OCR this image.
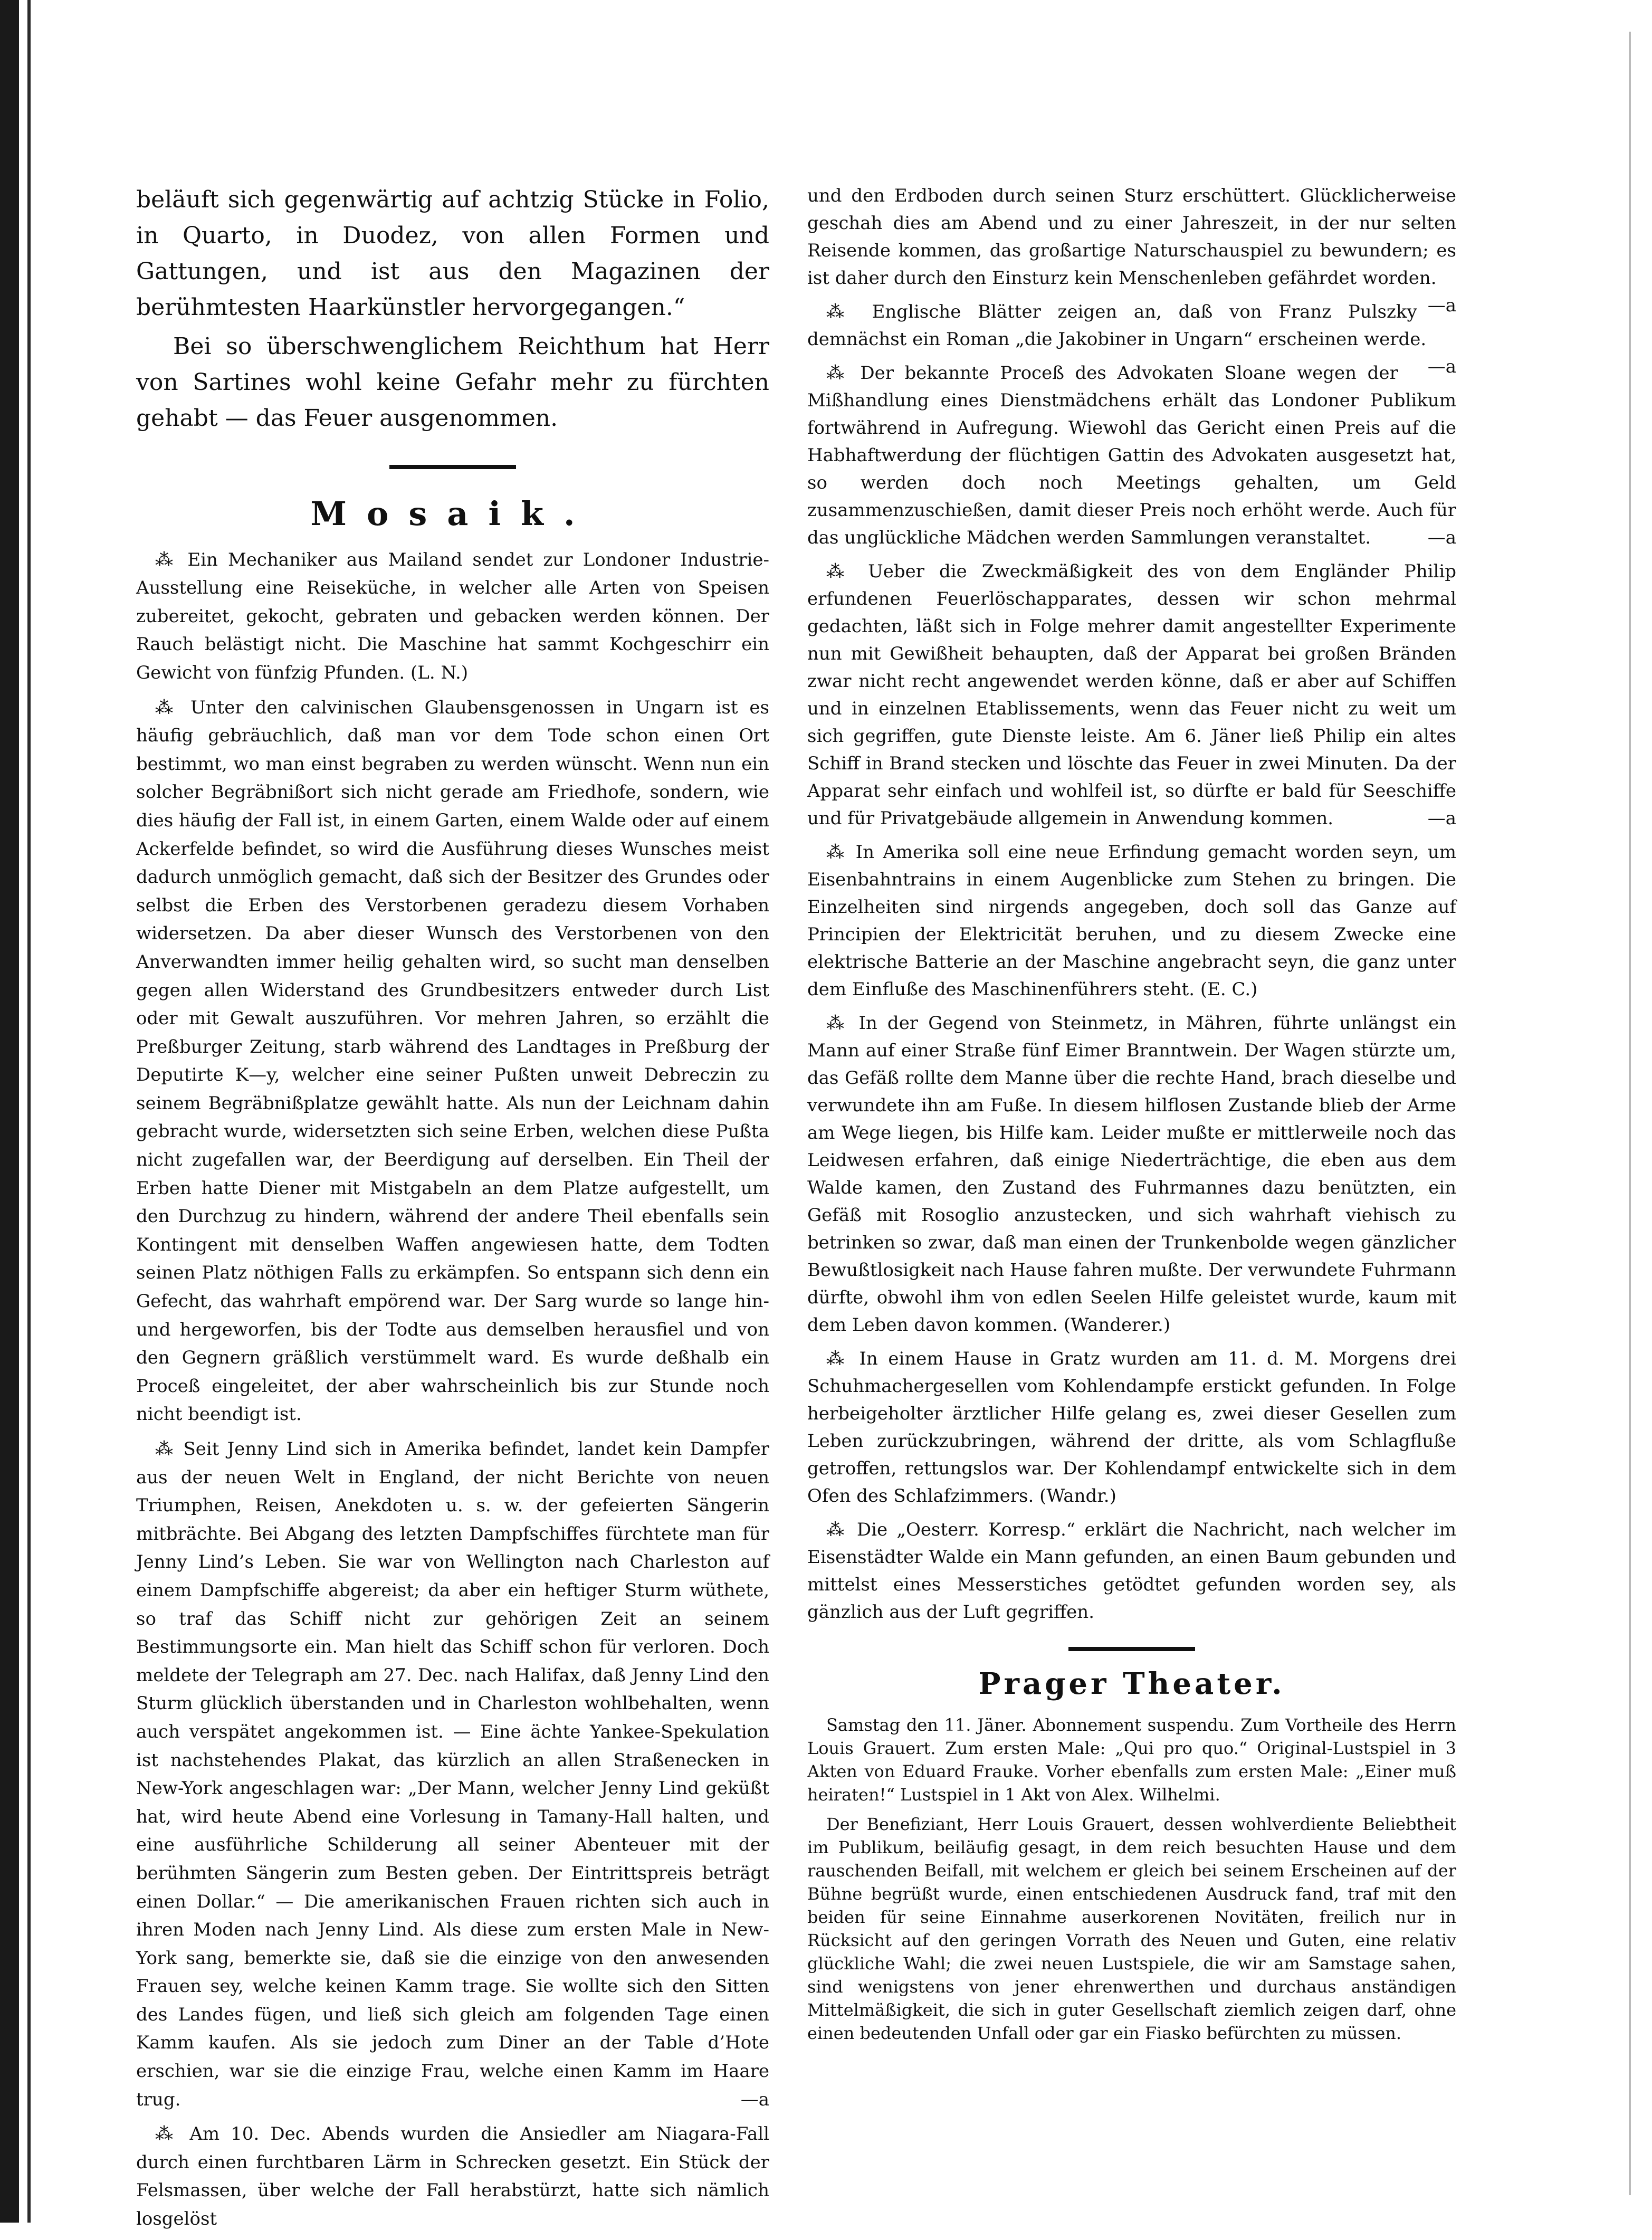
beläuft sich gegenwärtig auf achtzig Stücke in Folio, in Quarto, in Duodez, von allen Formen und Gattungen, und ist aus den Magazinen der berühmtesten Haarkünstler hervorgegangen.“

Bei so überschwenglichem Reichthum hat Herr von Sartines wohl keine Gefahr mehr zu fürchten gehabt — das Feuer ausgenommen.

Mosaik.
⁂ Ein Mechaniker aus Mailand sendet zur Londoner Industrie-Ausstellung eine Reiseküche, in welcher alle Arten von Speisen zubereitet, gekocht, gebraten und gebacken werden können. Der Rauch belästigt nicht. Die Maschine hat sammt Kochgeschirr ein Gewicht von fünfzig Pfunden. (L. N.)
⁂ Unter den calvinischen Glaubensgenossen in Ungarn ist es häufig gebräuchlich, daß man vor dem Tode schon einen Ort bestimmt, wo man einst begraben zu werden wünscht. Wenn nun ein solcher Begräbnißort sich nicht gerade am Friedhofe, sondern, wie dies häufig der Fall ist, in einem Garten, einem Walde oder auf einem Ackerfelde befindet, so wird die Ausführung dieses Wunsches meist dadurch unmöglich gemacht, daß sich der Besitzer des Grundes oder selbst die Erben des Verstorbenen geradezu diesem Vorhaben widersetzen. Da aber dieser Wunsch des Verstorbenen von den Anverwandten immer heilig gehalten wird, so sucht man denselben gegen allen Widerstand des Grundbesitzers entweder durch List oder mit Gewalt auszuführen. Vor mehren Jahren, so erzählt die Preßburger Zeitung, starb während des Landtages in Preßburg der Deputirte K—y, welcher eine seiner Pußten unweit Debreczin zu seinem Begräbnißplatze gewählt hatte. Als nun der Leichnam dahin gebracht wurde, widersetzten sich seine Erben, welchen diese Pußta nicht zugefallen war, der Beerdigung auf derselben. Ein Theil der Erben hatte Diener mit Mistgabeln an dem Platze aufgestellt, um den Durchzug zu hindern, während der andere Theil ebenfalls sein Kontingent mit denselben Waffen angewiesen hatte, dem Todten seinen Platz nöthigen Falls zu erkämpfen. So entspann sich denn ein Gefecht, das wahrhaft empörend war. Der Sarg wurde so lange hin- und hergeworfen, bis der Todte aus demselben herausfiel und von den Gegnern gräßlich verstümmelt ward. Es wurde deßhalb ein Proceß eingeleitet, der aber wahrscheinlich bis zur Stunde noch nicht beendigt ist.
⁂ Seit Jenny Lind sich in Amerika befindet, landet kein Dampfer aus der neuen Welt in England, der nicht Berichte von neuen Triumphen, Reisen, Anekdoten u. s. w. der gefeierten Sängerin mitbrächte. Bei Abgang des letzten Dampfschiffes fürchtete man für Jenny Lind’s Leben. Sie war von Wellington nach Charleston auf einem Dampfschiffe abgereist; da aber ein heftiger Sturm wüthete, so traf das Schiff nicht zur gehörigen Zeit an seinem Bestimmungsorte ein. Man hielt das Schiff schon für verloren. Doch meldete der Telegraph am 27. Dec. nach Halifax, daß Jenny Lind den Sturm glücklich überstanden und in Charleston wohlbehalten, wenn auch verspätet angekommen ist. — Eine ächte Yankee-Spekulation ist nachstehendes Plakat, das kürzlich an allen Straßenecken in New-York angeschlagen war: „Der Mann, welcher Jenny Lind geküßt hat, wird heute Abend eine Vorlesung in Tamany-Hall halten, und eine ausführliche Schilderung all seiner Abenteuer mit der berühmten Sängerin zum Besten geben. Der Eintrittspreis beträgt einen Dollar.“ — Die amerikanischen Frauen richten sich auch in ihren Moden nach Jenny Lind. Als diese zum ersten Male in New-York sang, bemerkte sie, daß sie die einzige von den anwesenden Frauen sey, welche keinen Kamm trage. Sie wollte sich den Sitten des Landes fügen, und ließ sich gleich am folgenden Tage einen Kamm kaufen. Als sie jedoch zum Diner an der Table d’Hote erschien, war sie die einzige Frau, welche einen Kamm im Haare trug.	—a
⁂ Am 10. Dec. Abends wurden die Ansiedler am Niagara-Fall durch einen furchtbaren Lärm in Schrecken gesetzt. Ein Stück der Felsmassen, über welche der Fall herabstürzt, hatte sich nämlich losgelöst
und den Erdboden durch seinen Sturz erschüttert. Glücklicherweise geschah dies am Abend und zu einer Jahreszeit, in der nur selten Reisende kommen, das großartige Naturschauspiel zu bewundern; es ist daher durch den Einsturz kein Menschenleben gefährdet worden.
—a
⁂ Englische Blätter zeigen an, daß von Franz Pulszky demnächst ein Roman „die Jakobiner in Ungarn“ erscheinen werde.
—a
⁂ Der bekannte Proceß des Advokaten Sloane wegen der Mißhandlung eines Dienstmädchens erhält das Londoner Publikum fortwährend in Aufregung. Wiewohl das Gericht einen Preis auf die Habhaftwerdung der flüchtigen Gattin des Advokaten ausgesetzt hat, so werden doch noch Meetings gehalten, um Geld zusammenzuschießen, damit dieser Preis noch erhöht werde. Auch für das unglückliche Mädchen werden Sammlungen veranstaltet.	—a
⁂ Ueber die Zweckmäßigkeit des von dem Engländer Philip erfundenen Feuerlöschapparates, dessen wir schon mehrmal gedachten, läßt sich in Folge mehrer damit angestellter Experimente nun mit Gewißheit behaupten, daß der Apparat bei großen Bränden zwar nicht recht angewendet werden könne, daß er aber auf Schiffen und in einzelnen Etablissements, wenn das Feuer nicht zu weit um sich gegriffen, gute Dienste leiste. Am 6. Jäner ließ Philip ein altes Schiff in Brand stecken und löschte das Feuer in zwei Minuten. Da der Apparat sehr einfach und wohlfeil ist, so dürfte er bald für Seeschiffe und für Privatgebäude allgemein in Anwendung kommen.	—a
⁂ In Amerika soll eine neue Erfindung gemacht worden seyn, um Eisenbahntrains in einem Augenblicke zum Stehen zu bringen. Die Einzelheiten sind nirgends angegeben, doch soll das Ganze auf Principien der Elektricität beruhen, und zu diesem Zwecke eine elektrische Batterie an der Maschine angebracht seyn, die ganz unter dem Einfluße des Maschinenführers steht. (E. C.)
⁂ In der Gegend von Steinmetz, in Mähren, führte unlängst ein Mann auf einer Straße fünf Eimer Branntwein. Der Wagen stürzte um, das Gefäß rollte dem Manne über die rechte Hand, brach dieselbe und verwundete ihn am Fuße. In diesem hilflosen Zustande blieb der Arme am Wege liegen, bis Hilfe kam. Leider mußte er mittlerweile noch das Leidwesen erfahren, daß einige Niederträchtige, die eben aus dem Walde kamen, den Zustand des Fuhrmannes dazu benützten, ein Gefäß mit Rosoglio anzustecken, und sich wahrhaft viehisch zu betrinken so zwar, daß man einen der Trunkenbolde wegen gänzlicher Bewußtlosigkeit nach Hause fahren mußte. Der verwundete Fuhrmann dürfte, obwohl ihm von edlen Seelen Hilfe geleistet wurde, kaum mit dem Leben davon kommen. (Wanderer.)
⁂ In einem Hause in Gratz wurden am 11. d. M. Morgens drei Schuhmachergesellen vom Kohlendampfe erstickt gefunden. In Folge herbeigeholter ärztlicher Hilfe gelang es, zwei dieser Gesellen zum Leben zurückzubringen, während der dritte, als vom Schlagfluße getroffen, rettungslos war. Der Kohlendampf entwickelte sich in dem Ofen des Schlafzimmers. (Wandr.)
⁂ Die „Oesterr. Korresp.“ erklärt die Nachricht, nach welcher im Eisenstädter Walde ein Mann gefunden, an einen Baum gebunden und mittelst eines Messerstiches getödtet gefunden worden sey, als gänzlich aus der Luft gegriffen.
Prager Theater.
Samstag den 11. Jäner. Abonnement suspendu. Zum Vortheile des Herrn Louis Grauert. Zum ersten Male: „Qui pro quo.“ Original-Lustspiel in 3 Akten von Eduard Frauke. Vorher ebenfalls zum ersten Male: „Einer muß heiraten!“ Lustspiel in 1 Akt von Alex. Wilhelmi.
Der Benefiziant, Herr Louis Grauert, dessen wohlverdiente Beliebtheit im Publikum, beiläufig gesagt, in dem reich besuchten Hause und dem rauschenden Beifall, mit welchem er gleich bei seinem Erscheinen auf der Bühne begrüßt wurde, einen entschiedenen Ausdruck fand, traf mit den beiden für seine Einnahme auserkorenen Novitäten, freilich nur in Rücksicht auf den geringen Vorrath des Neuen und Guten, eine relativ glückliche Wahl; die zwei neuen Lustspiele, die wir am Samstage sahen, sind wenigstens von jener ehrenwerthen und durchaus anständigen Mittelmäßigkeit, die sich in guter Gesellschaft ziemlich zeigen darf, ohne einen bedeutenden Unfall oder gar ein Fiasko befürchten zu müssen.
